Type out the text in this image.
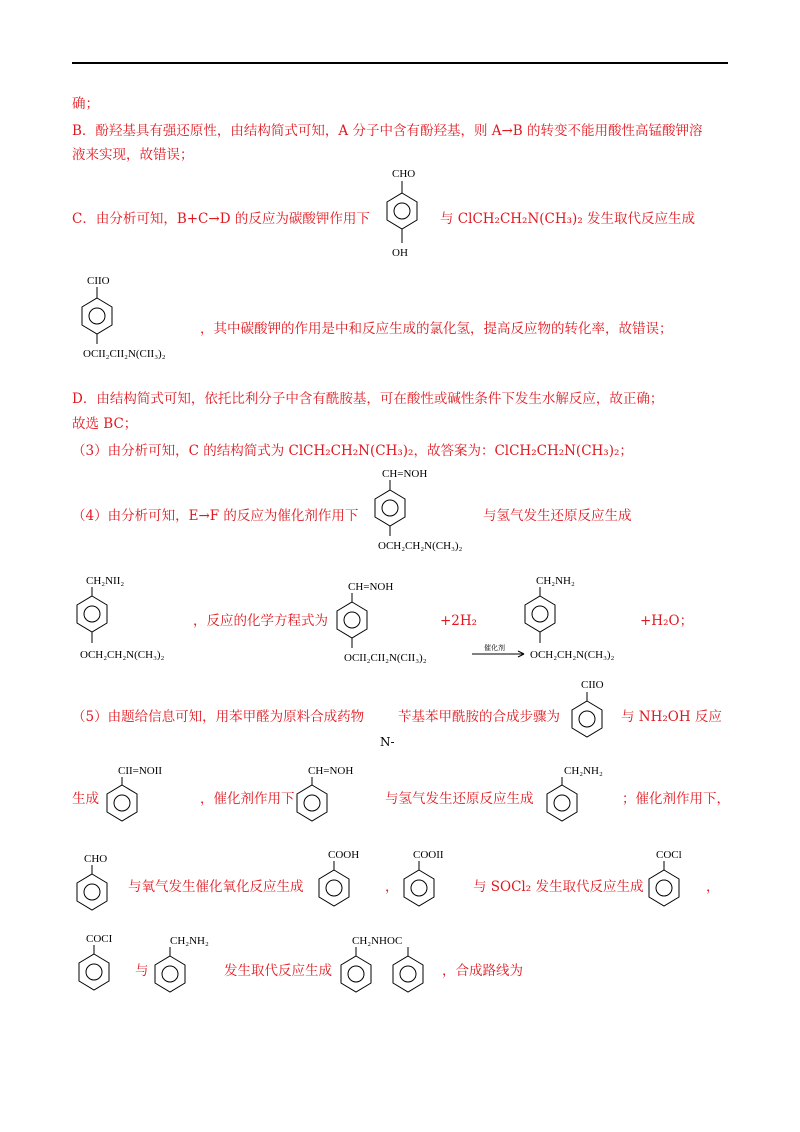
确；
B．酚羟基具有强还原性，由结构简式可知，A 分子中含有酚羟基，则 A→B 的转变不能用酸性高锰酸钾溶
液来实现，故错误；
C．由分析可知，B+C→D 的反应为碳酸钾作用下
CHO
OH
与 ClCH₂CH₂N(CH₃)₂ 发生取代反应生成
CIIO
OCII₂CII₂N(CII₃)₂
，其中碳酸钾的作用是中和反应生成的氯化氢，提高反应物的转化率，故错误；
D．由结构简式可知，依托比利分子中含有酰胺基，可在酸性或碱性条件下发生水解反应，故正确；
故选 BC；
（3）由分析可知，C 的结构简式为 ClCH₂CH₂N(CH₃)₂，故答案为：ClCH₂CH₂N(CH₃)₂；
（4）由分析可知，E→F 的反应为催化剂作用下
CH=NOH
OCH₂CH₂N(CH₃)₂
与氢气发生还原反应生成
CH₂NII₂
OCH₂CH₂N(CH₃)₂
，反应的化学方程式为
CH=NOH
OCII₂CII₂N(CII₃)₂
+2H₂
催化剂
CH₂NH₂
OCH₂CH₂N(CH₃)₂
+H₂O；
（5）由题给信息可知，用苯甲醛为原料合成药物	苄基苯甲酰胺的合成步骤为
N-
CIIO
与 NH₂OH 反应
生成
CII=NOII
，催化剂作用下
CH=NOH
与氢气发生还原反应生成
CH₂NH₂
；催化剂作用下，
CHO
与氧气发生催化氧化反应生成
COOH
，
COOII
与 SOCl₂ 发生取代反应生成
COCl
，
COCI
与
CH₂NH₂
发生取代反应生成
CH₂NHOC
，合成路线为
